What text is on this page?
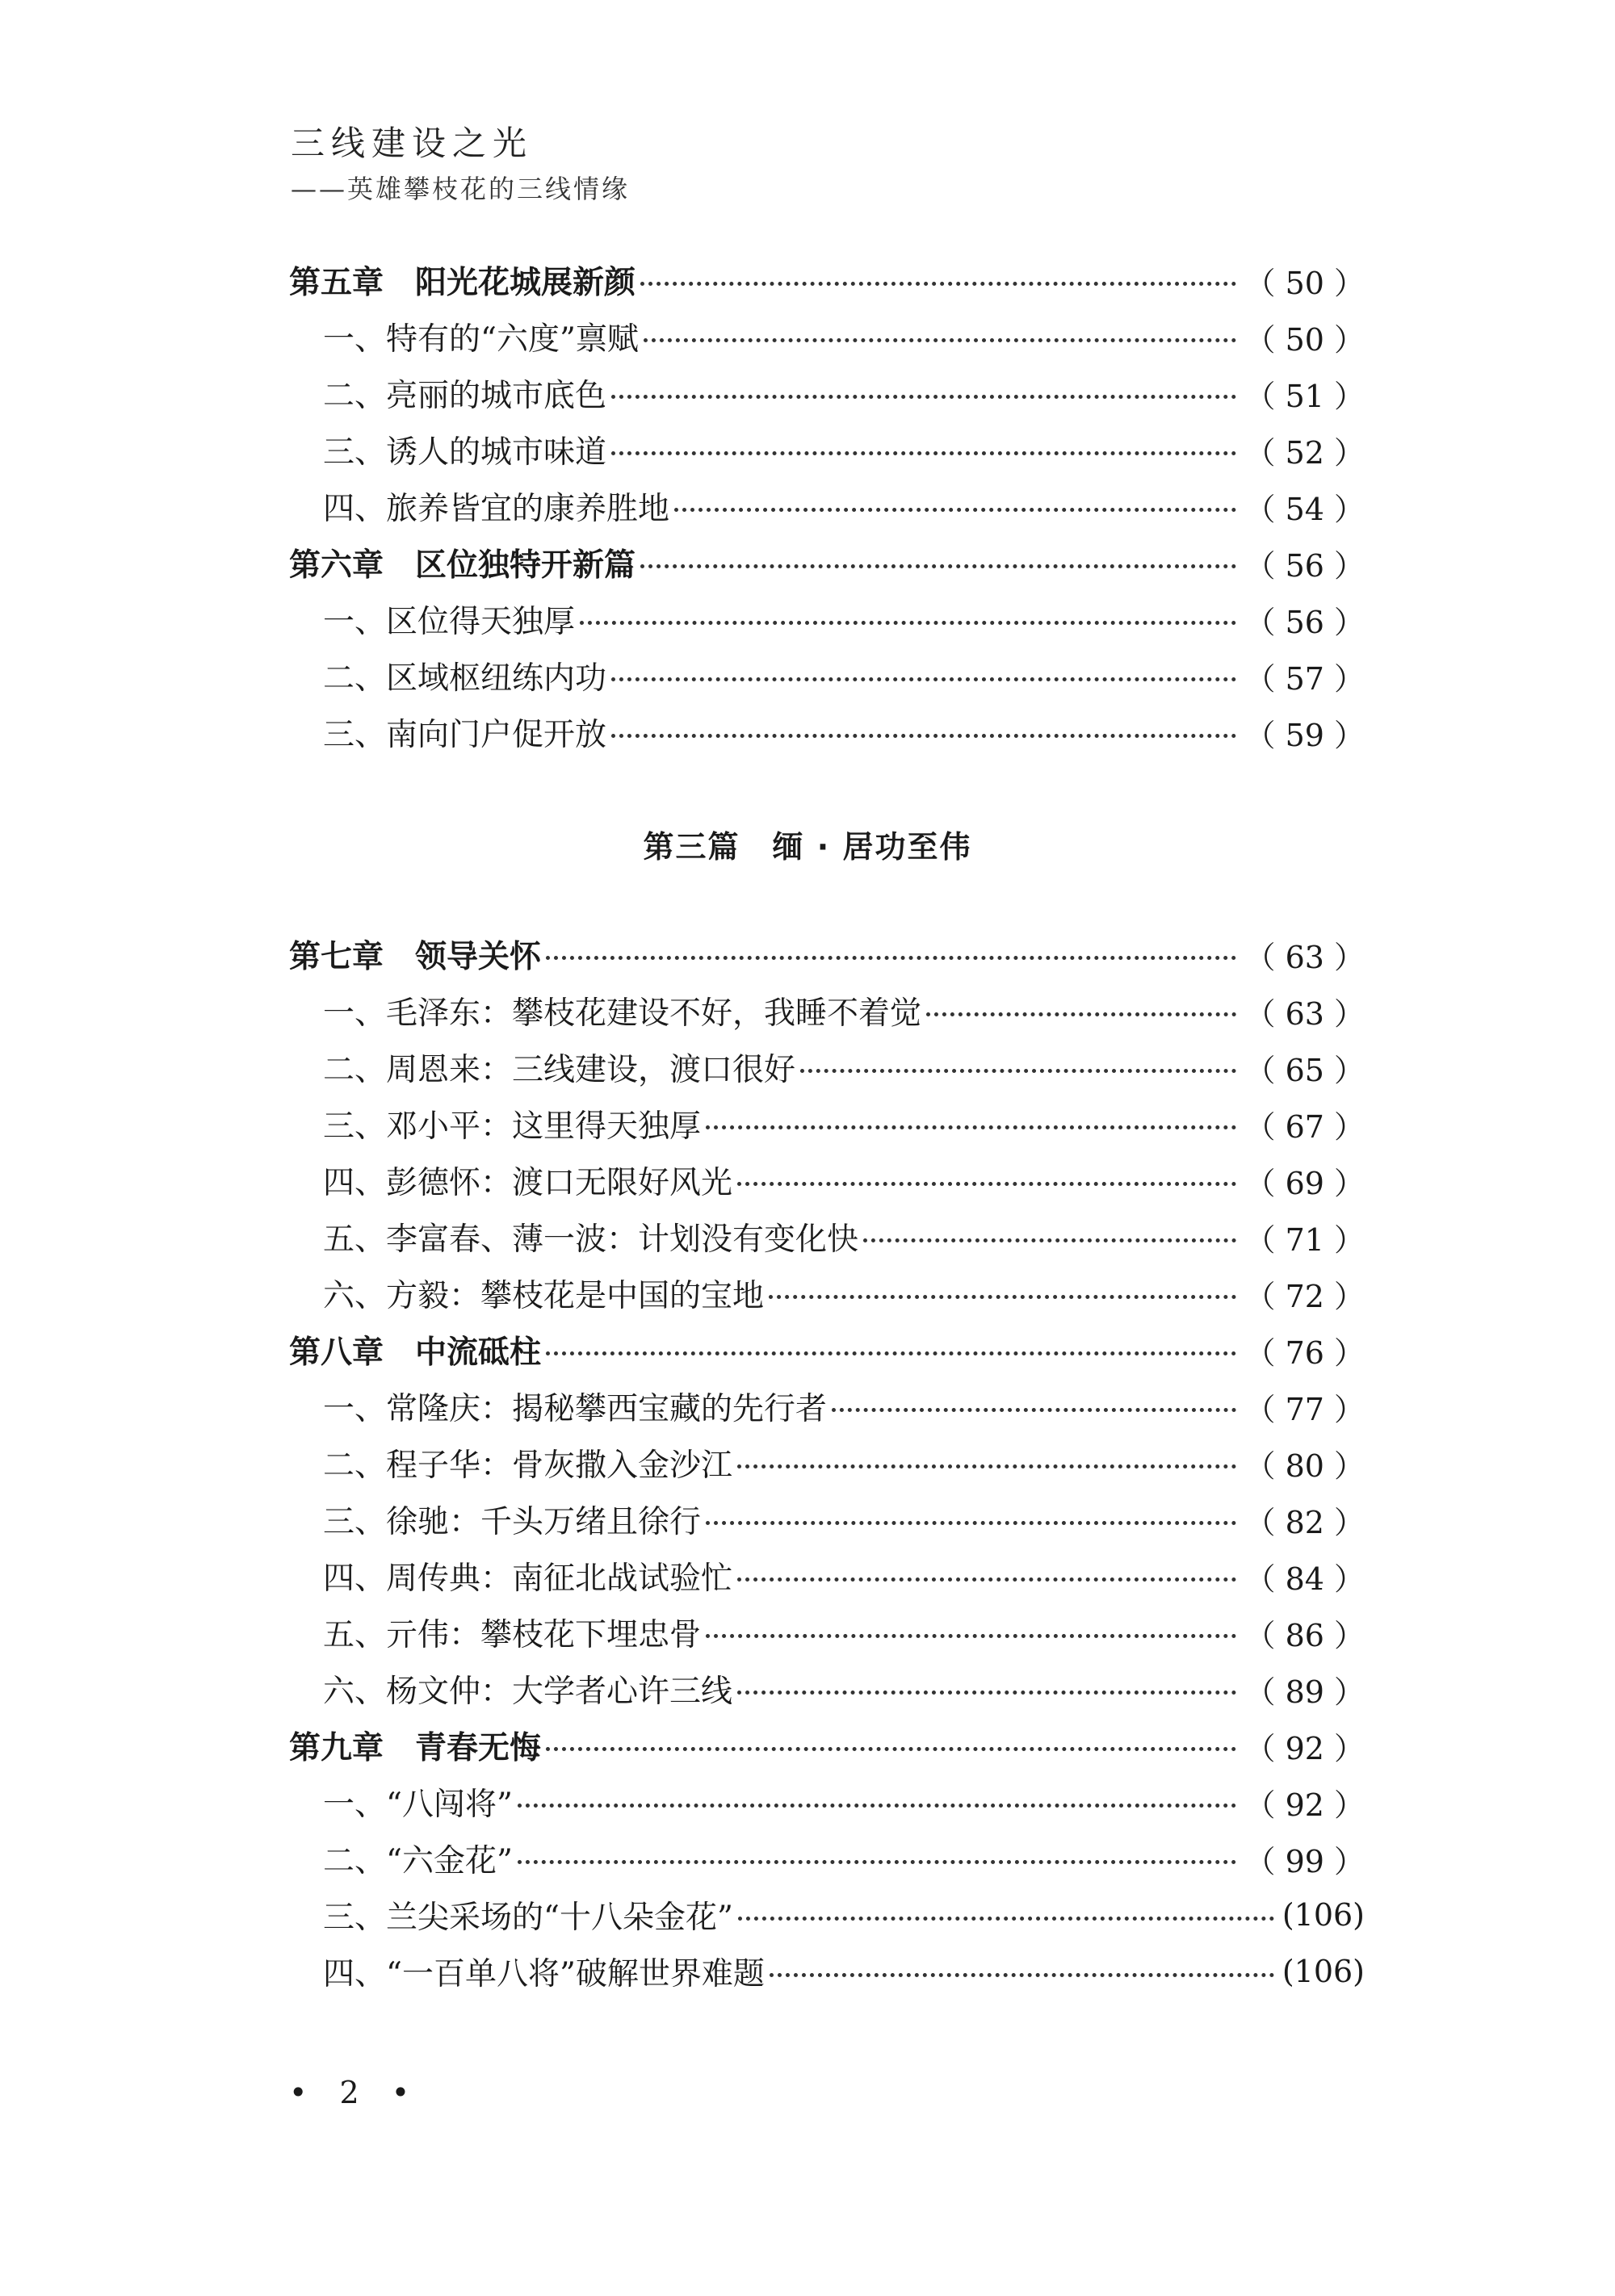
三线建设之光
——英雄攀枝花的三线情缘
第五章　阳光花城展新颜	（ 50 ）
一、特有的“六度”禀赋	（ 50 ）
二、亮丽的城市底色	（ 51 ）
三、诱人的城市味道	（ 52 ）
四、旅养皆宜的康养胜地	（ 54 ）
第六章　区位独特开新篇	（ 56 ）
一、区位得天独厚	（ 56 ）
二、区域枢纽练内功	（ 57 ）
三、南向门户促开放	（ 59 ）
第三篇　缅 · 居功至伟
第七章　领导关怀	（ 63 ）
一、毛泽东：攀枝花建设不好，我睡不着觉	（ 63 ）
二、周恩来：三线建设，渡口很好	（ 65 ）
三、邓小平：这里得天独厚	（ 67 ）
四、彭德怀：渡口无限好风光	（ 69 ）
五、李富春、薄一波：计划没有变化快	（ 71 ）
六、方毅：攀枝花是中国的宝地	（ 72 ）
第八章　中流砥柱	（ 76 ）
一、常隆庆：揭秘攀西宝藏的先行者	（ 77 ）
二、程子华：骨灰撒入金沙江	（ 80 ）
三、徐驰：千头万绪且徐行	（ 82 ）
四、周传典：南征北战试验忙	（ 84 ）
五、亓伟：攀枝花下埋忠骨	（ 86 ）
六、杨文仲：大学者心许三线	（ 89 ）
第九章　青春无悔	（ 92 ）
一、“八闯将”	（ 92 ）
二、“六金花”	（ 99 ）
三、兰尖采场的“十八朵金花”	(106)
四、“一百单八将”破解世界难题	(106)
• 2 •
